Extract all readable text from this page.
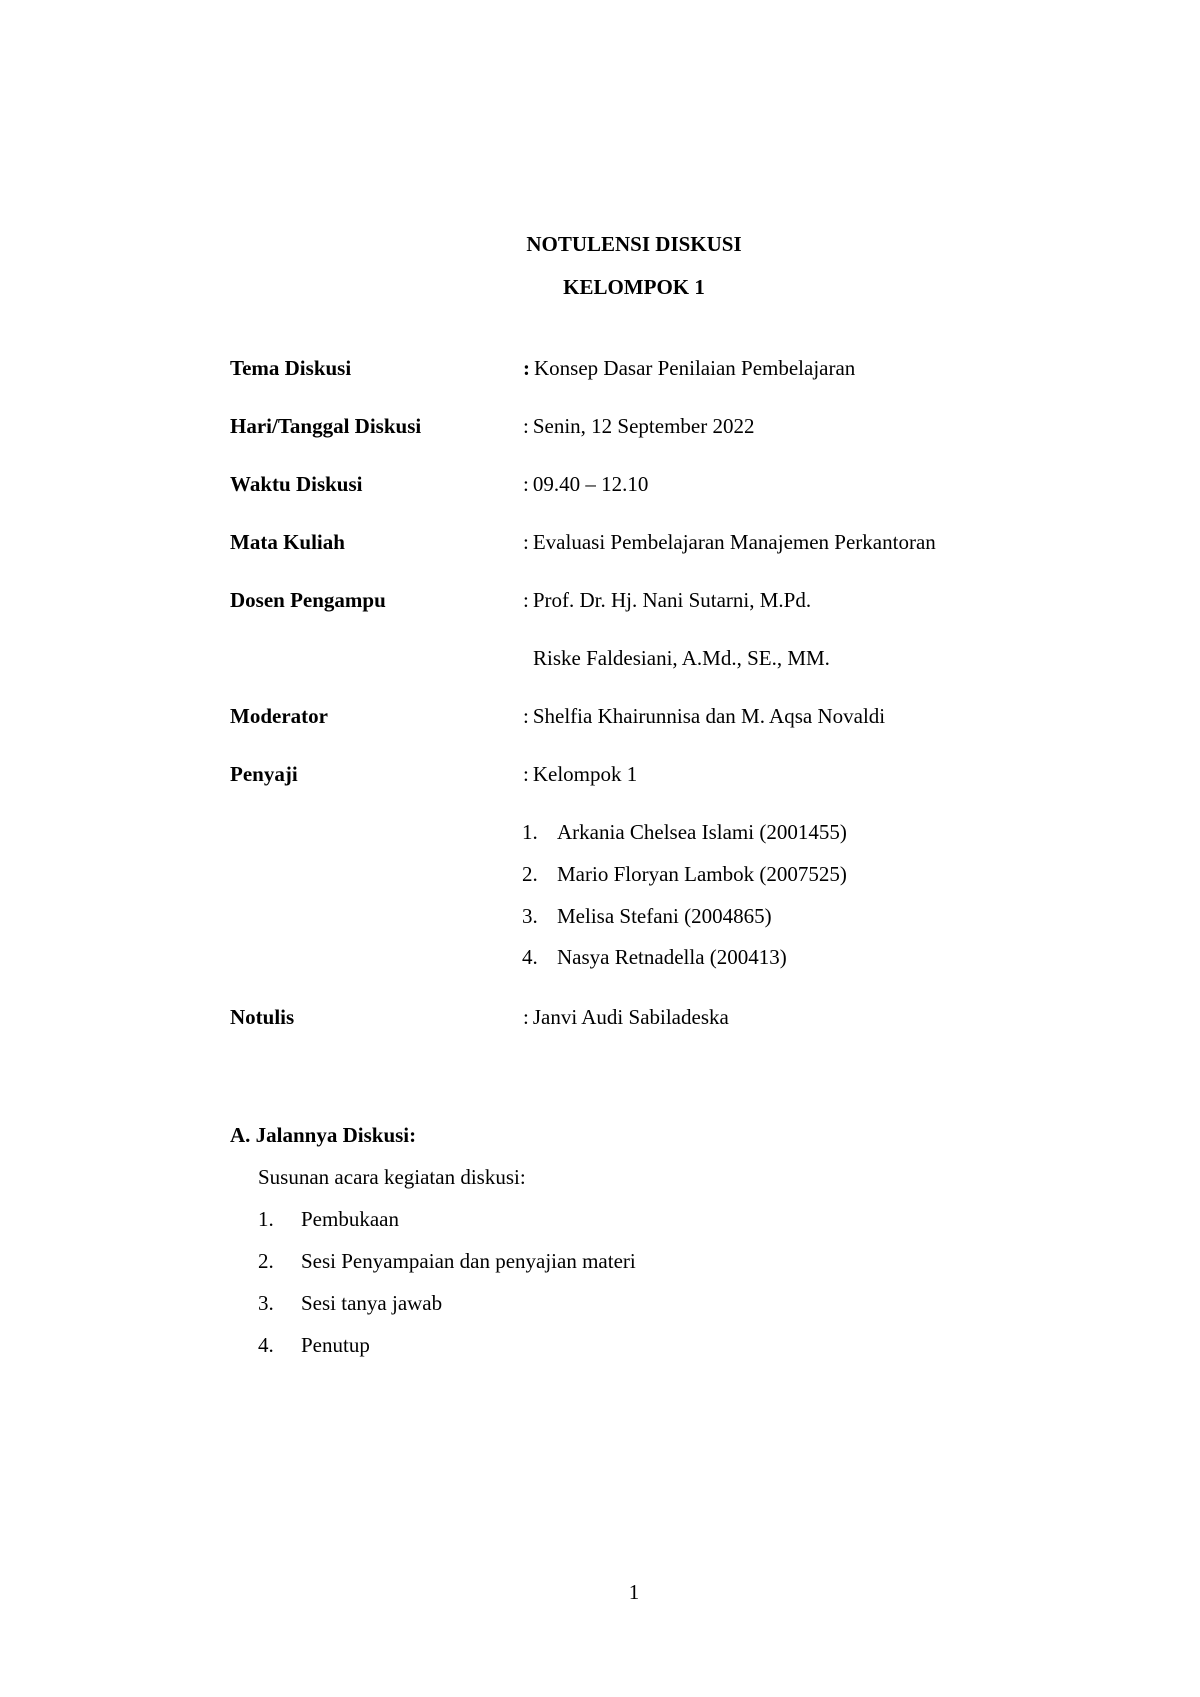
NOTULENSI DISKUSI
KELOMPOK 1
Tema Diskusi	: Konsep Dasar Penilaian Pembelajaran
Hari/Tanggal Diskusi	: Senin, 12 September 2022
Waktu Diskusi	: 09.40 – 12.10
Mata Kuliah	: Evaluasi Pembelajaran Manajemen Perkantoran
Dosen Pengampu	: Prof. Dr. Hj. Nani Sutarni, M.Pd.
Riske Faldesiani, A.Md., SE., MM.
Moderator	: Shelfia Khairunnisa dan M. Aqsa Novaldi
Penyaji	: Kelompok 1
1. Arkania Chelsea Islami (2001455)
2. Mario Floryan Lambok (2007525)
3. Melisa Stefani (2004865)
4. Nasya Retnadella (200413)
Notulis	: Janvi Audi Sabiladeska
A. Jalannya Diskusi:
Susunan acara kegiatan diskusi:
1. Pembukaan
2. Sesi Penyampaian dan penyajian materi
3. Sesi tanya jawab
4. Penutup
1
